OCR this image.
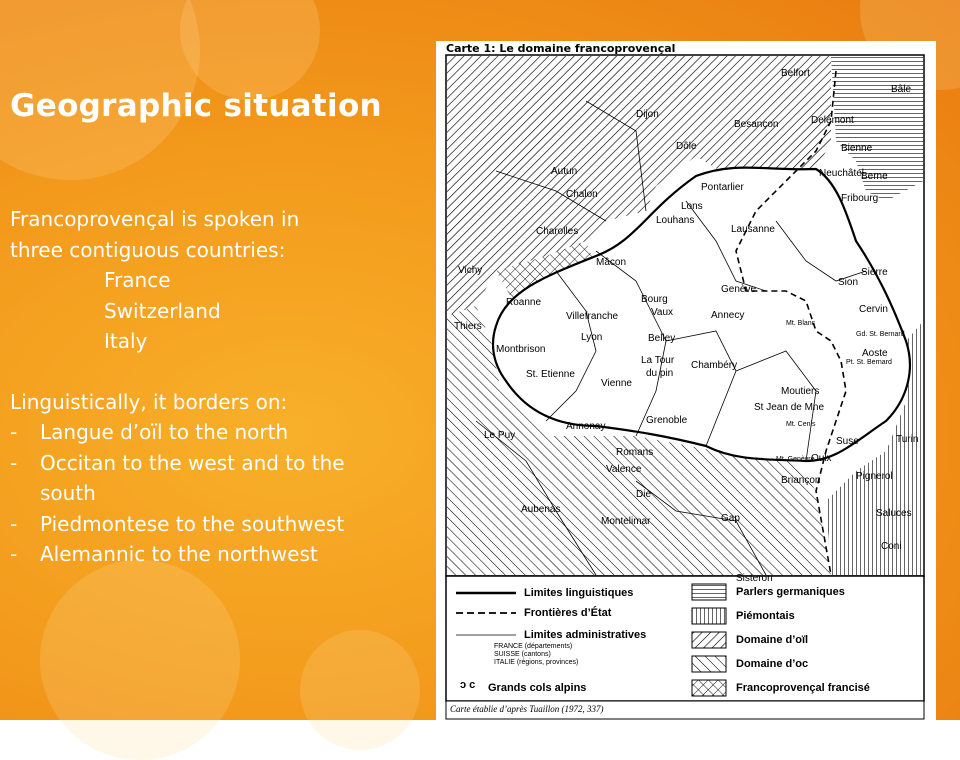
Geographic situation
Francoprovençal is spoken in
three contiguous countries:
France
Switzerland
Italy
Linguistically, it borders on:
-	Langue d’oïl to the north
-	Occitan to the west and to the south
-	Piedmontese to the southwest
-	Alemannic to the northwest
ↄ c
Carte 1: Le domaine francoprovençal
Belfort
Bâle
Dijon
Besançon	Delémont
Dôle	Bienne
Autun	Neuchâtel
Berne
Chalon
Pontarlier
Fribourg
Lons
Louhans
Charolles	Lausanne
Vichy
Mâcon
Genève
Sion
Sierre
Bourg
Roanne
Cervin
Thiers
Villefranche	Vaux	Annecy
Lyon	Belley
Aoste
Montbrison
La Tour
du pin
Chambéry
St. Etienne
Vienne
Moutiers
St Jean de Mne
Annonay
Grenoble
Le Puy
Suse	Turin
Romans
Oulx
Valence
Pignerol
Briançon
Die
Aubenas	Saluces
Montelimar	Gap
Coni
Sisteron
Mt. Blanc
Gd. St. Bernard
Pt. St. Bernard
Mt. Cenis
Mt. Genèvre
Limites linguistiques
Frontières d’État
Limites administratives
FRANCE (départements)
SUISSE (cantons)
ITALIE (régions, provinces)
Grands cols alpins
Parlers germaniques
Piémontais
Domaine d’oïl
Domaine d’oc
Francoprovençal francisé
Carte établie d’après Tuaillon (1972, 337)
